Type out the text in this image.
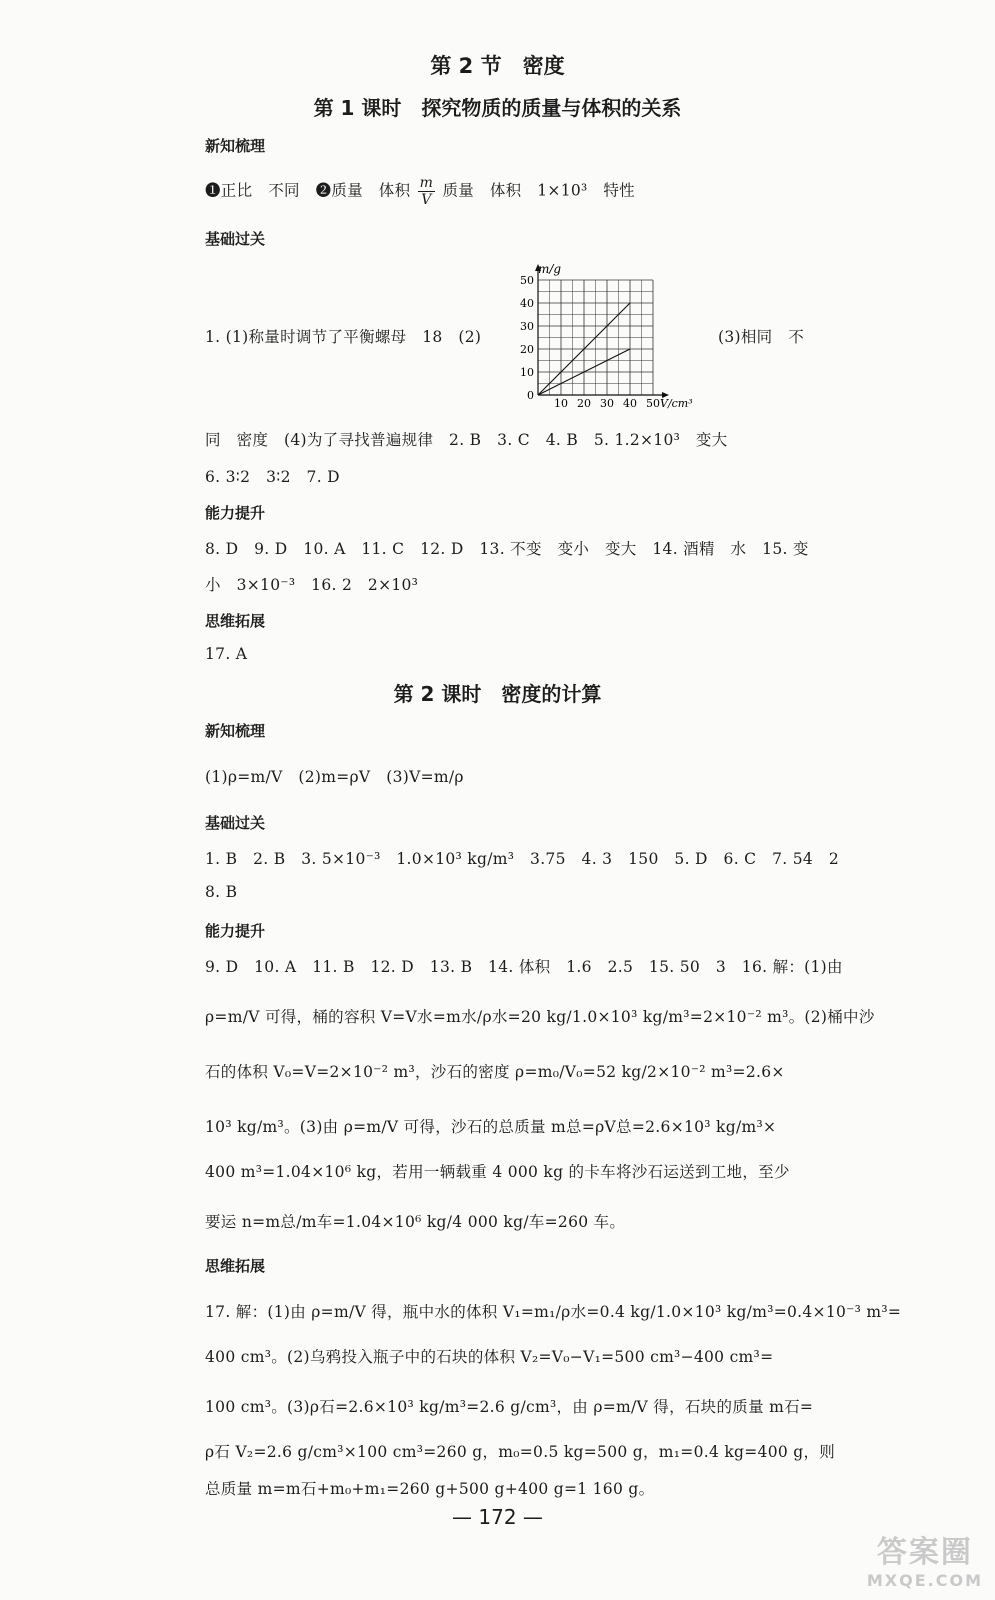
第 2 节　密度
第 1 课时　探究物质的质量与体积的关系
新知梳理
❶正比　不同　❷质量　体积 $\frac{m}{V}$ 质量　体积　1×10³　特性
基础过关
1. (1)称量时调节了平衡螺母　18　(2)
10 20 30 40 50
0
10
20
30
40
50
m/g
V/cm³
(3)相同　不
同　密度　(4)为了寻找普遍规律　2. B　3. C　4. B　5. 1.2×10³　变大
6. 3∶2　3∶2　7. D
能力提升
8. D　9. D　10. A　11. C　12. D　13. 不变　变小　变大　14. 酒精　水　15. 变
小　3×10⁻³　16. 2　2×10³
思维拓展
17. A
第 2 课时　密度的计算
新知梳理
(1)ρ=m/V　(2)m=ρV　(3)V=m/ρ
基础过关
1. B　2. B　3. 5×10⁻³　1.0×10³ kg/m³　3.75　4. 3　150　5. D　6. C　7. 54　2
8. B
能力提升
9. D　10. A　11. B　12. D　13. B　14. 体积　1.6　2.5　15. 50　3　16. 解：(1)由
ρ=m/V 可得，桶的容积 V=V水=m水/ρ水=20 kg/1.0×10³ kg/m³=2×10⁻² m³。(2)桶中沙
石的体积 V₀=V=2×10⁻² m³，沙石的密度 ρ=m₀/V₀=52 kg/2×10⁻² m³=2.6×
10³ kg/m³。(3)由 ρ=m/V 可得，沙石的总质量 m总=ρV总=2.6×10³ kg/m³×
400 m³=1.04×10⁶ kg，若用一辆载重 4 000 kg 的卡车将沙石运送到工地，至少
要运 n=m总/m车=1.04×10⁶ kg/4 000 kg/车=260 车。
思维拓展
17. 解：(1)由 ρ=m/V 得，瓶中水的体积 V₁=m₁/ρ水=0.4 kg/1.0×10³ kg/m³=0.4×10⁻³ m³=
400 cm³。(2)乌鸦投入瓶子中的石块的体积 V₂=V₀−V₁=500 cm³−400 cm³=
100 cm³。(3)ρ石=2.6×10³ kg/m³=2.6 g/cm³，由 ρ=m/V 得，石块的质量 m石=
ρ石 V₂=2.6 g/cm³×100 cm³=260 g，m₀=0.5 kg=500 g，m₁=0.4 kg=400 g，则
总质量 m=m石+m₀+m₁=260 g+500 g+400 g=1 160 g。
— 172 —
答案圈
MXQE.COM
